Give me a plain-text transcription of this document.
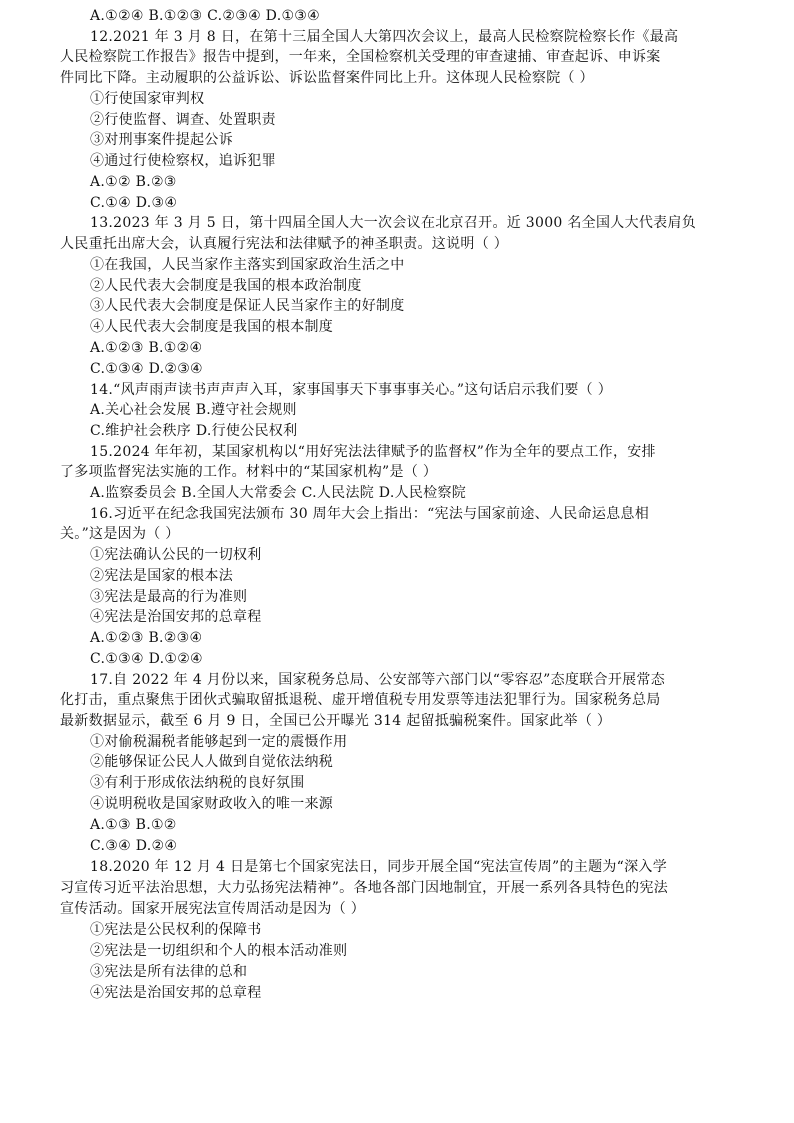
A.①②④ B.①②③ C.②③④ D.①③④
12.2021 年 3 月 8 日，在第十三届全国人大第四次会议上，最高人民检察院检察长作《最高
人民检察院工作报告》报告中提到，一年来，全国检察机关受理的审查逮捕、审查起诉、申诉案
件同比下降。主动履职的公益诉讼、诉讼监督案件同比上升。这体现人民检察院（ ）
①行使国家审判权
②行使监督、调查、处置职责
③对刑事案件提起公诉
④通过行使检察权，追诉犯罪
A.①② B.②③
C.①④ D.③④
13.2023 年 3 月 5 日，第十四届全国人大一次会议在北京召开。近 3000 名全国人大代表肩负
人民重托出席大会，认真履行宪法和法律赋予的神圣职责。这说明（ ）
①在我国，人民当家作主落实到国家政治生活之中
②人民代表大会制度是我国的根本政治制度
③人民代表大会制度是保证人民当家作主的好制度
④人民代表大会制度是我国的根本制度
A.①②③ B.①②④
C.①③④ D.②③④
14.“风声雨声读书声声声入耳，家事国事天下事事事关心。”这句话启示我们要（ ）
A.关心社会发展 B.遵守社会规则
C.维护社会秩序 D.行使公民权利
15.2024 年年初，某国家机构以“用好宪法法律赋予的监督权”作为全年的要点工作，安排
了多项监督宪法实施的工作。材料中的“某国家机构”是（ ）
A.监察委员会 B.全国人大常委会 C.人民法院 D.人民检察院
16.习近平在纪念我国宪法颁布 30 周年大会上指出：“宪法与国家前途、人民命运息息相
关。”这是因为（ ）
①宪法确认公民的一切权利
②宪法是国家的根本法
③宪法是最高的行为准则
④宪法是治国安邦的总章程
A.①②③ B.②③④
C.①③④ D.①②④
17.自 2022 年 4 月份以来，国家税务总局、公安部等六部门以“零容忍”态度联合开展常态
化打击，重点聚焦于团伙式骗取留抵退税、虚开增值税专用发票等违法犯罪行为。国家税务总局
最新数据显示，截至 6 月 9 日，全国已公开曝光 314 起留抵骗税案件。国家此举（ ）
①对偷税漏税者能够起到一定的震慑作用
②能够保证公民人人做到自觉依法纳税
③有利于形成依法纳税的良好氛围
④说明税收是国家财政收入的唯一来源
A.①③ B.①②
C.③④ D.②④
18.2020 年 12 月 4 日是第七个国家宪法日，同步开展全国“宪法宣传周”的主题为“深入学
习宣传习近平法治思想，大力弘扬宪法精神”。各地各部门因地制宜，开展一系列各具特色的宪法
宣传活动。国家开展宪法宣传周活动是因为（ ）
①宪法是公民权利的保障书
②宪法是一切组织和个人的根本活动准则
③宪法是所有法律的总和
④宪法是治国安邦的总章程
